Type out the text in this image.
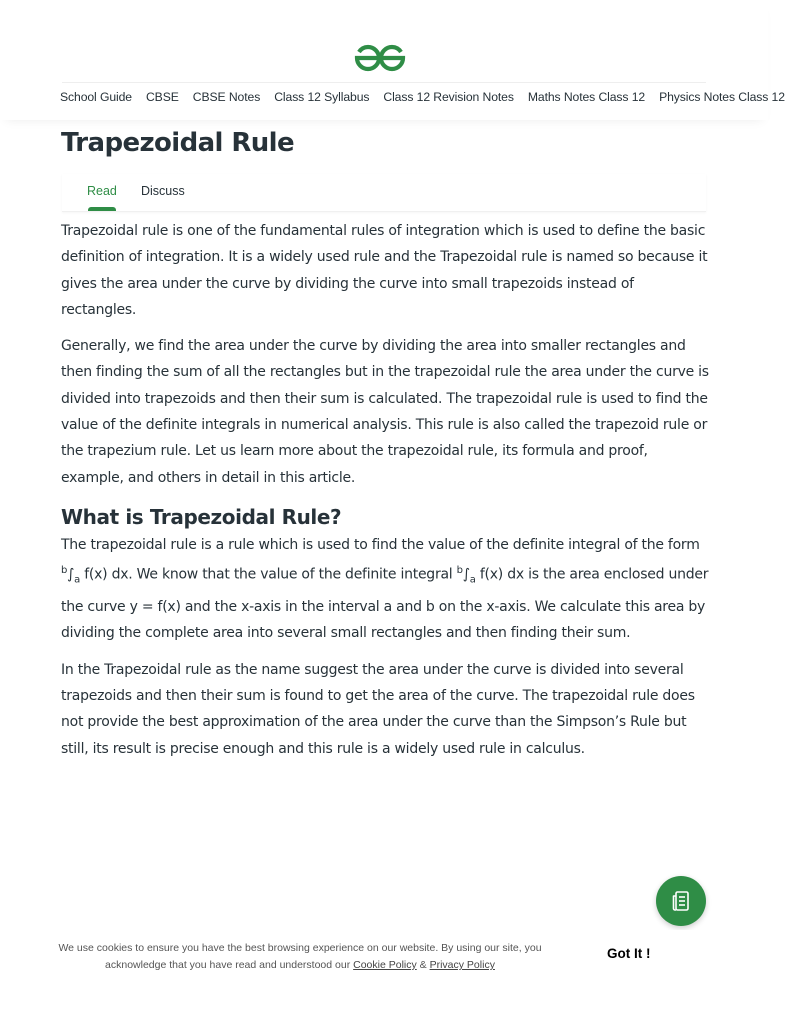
School Guide CBSE CBSE Notes Class 12 Syllabus Class 12 Revision Notes Maths Notes Class 12 Physics Notes Class 12
Trapezoidal Rule
Read Discuss

Trapezoidal rule is one of the fundamental rules of integration which is used to define the basic definition of integration. It is a widely used rule and the Trapezoidal rule is named so because it gives the area under the curve by dividing the curve into small trapezoids instead of rectangles.

Generally, we find the area under the curve by dividing the area into smaller rectangles and then finding the sum of all the rectangles but in the trapezoidal rule the area under the curve is divided into trapezoids and then their sum is calculated. The trapezoidal rule is used to find the value of the definite integrals in numerical analysis. This rule is also called the trapezoid rule or the trapezium rule. Let us learn more about the trapezoidal rule, its formula and proof, example, and others in detail in this article.

What is Trapezoidal Rule?

The trapezoidal rule is a rule which is used to find the value of the definite integral of the form $^b\int_a$ f(x) dx. We know that the value of the definite integral $^b\int_a$ f(x) dx is the area enclosed under the curve y = f(x) and the x-axis in the interval a and b on the x-axis. We calculate this area by dividing the complete area into several small rectangles and then finding their sum.

In the Trapezoidal rule as the name suggest the area under the curve is divided into several trapezoids and then their sum is found to get the area of the curve. The trapezoidal rule does not provide the best approximation of the area under the curve than the Simpson’s Rule but still, its result is precise enough and this rule is a widely used rule in calculus.

We use cookies to ensure you have the best browsing experience on our website. By using our site, you acknowledge that you have read and understood our Cookie Policy & Privacy Policy
Got It !
